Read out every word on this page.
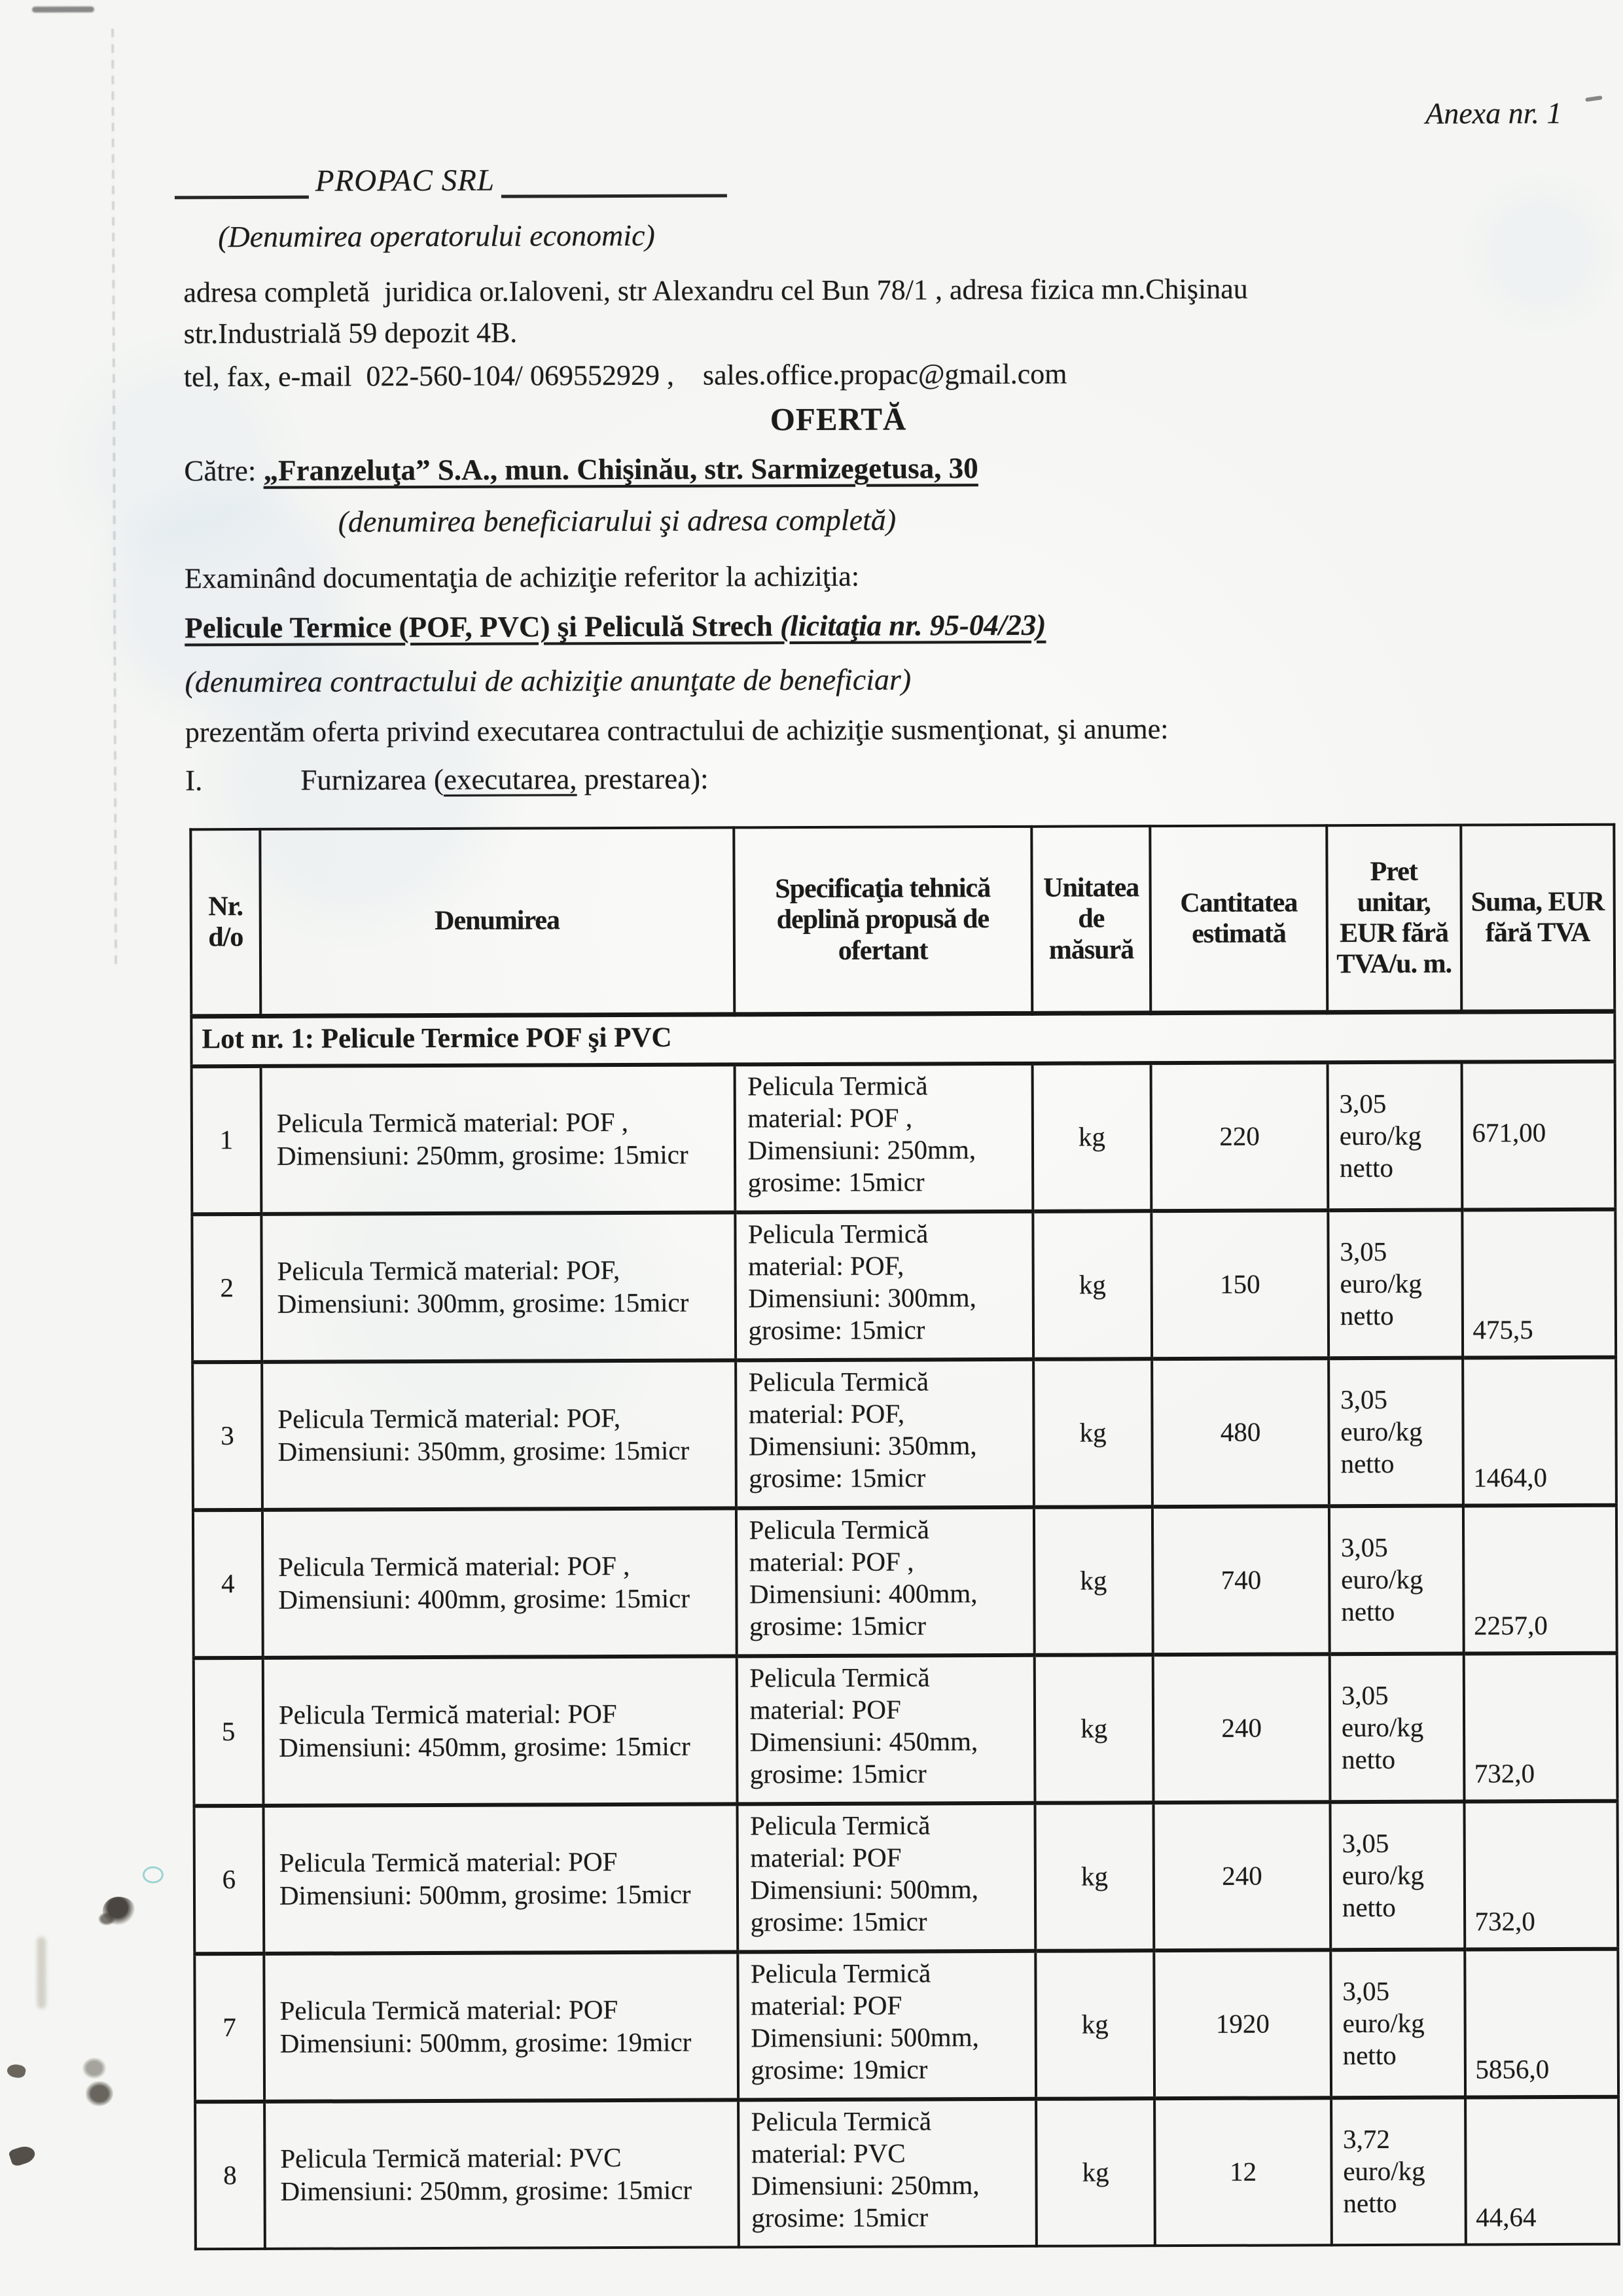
Anexa nr. 1
PROPAC SRL
(Denumirea operatorului economic)
adresa completă  juridica or.Ialoveni, str Alexandru cel Bun 78/1 , adresa fizica mn.Chişinau
str.Industrială 59 depozit 4B.
tel, fax, e-mail  022-560-104/ 069552929 ,    sales.office.propac@gmail.com
OFERTĂ
Către: „Franzeluţa” S.A., mun. Chişinău, str. Sarmizegetusa, 30
(denumirea beneficiarului şi adresa completă)
Examinând documentaţia de achiziţie referitor la achiziţia:
Pelicule Termice (POF, PVC) şi Peliculă Strech (licitaţia nr. 95-04/23)
(denumirea contractului de achiziţie anunţate de beneficiar)
prezentăm oferta privind executarea contractului de achiziţie susmenţionat, şi anume:
I.	Furnizarea (executarea, prestarea):
Nr. d/o	Denumirea	Specificaţia tehnică deplină propusă de ofertant	Unitatea de măsură	Cantitatea estimată	Pret unitar, EUR fără TVA/u. m.	Suma, EUR fără TVA
Lot nr. 1: Pelicule Termice POF şi PVC						
1	Pelicula Termică material: POF , Dimensiuni: 250mm, grosime: 15micr	Pelicula Termică material: POF , Dimensiuni: 250mm, grosime: 15micr	kg	220	3,05 euro/kg netto	671,00
2	Pelicula Termică material: POF, Dimensiuni: 300mm, grosime: 15micr	Pelicula Termică material: POF, Dimensiuni: 300mm, grosime: 15micr	kg	150	3,05 euro/kg netto	475,5
3	Pelicula Termică material: POF, Dimensiuni: 350mm, grosime: 15micr	Pelicula Termică material: POF, Dimensiuni: 350mm, grosime: 15micr	kg	480	3,05 euro/kg netto	1464,0
4	Pelicula Termică material: POF , Dimensiuni: 400mm, grosime: 15micr	Pelicula Termică material: POF , Dimensiuni: 400mm, grosime: 15micr	kg	740	3,05 euro/kg netto	2257,0
5	Pelicula Termică material: POF Dimensiuni: 450mm, grosime: 15micr	Pelicula Termică material: POF Dimensiuni: 450mm, grosime: 15micr	kg	240	3,05 euro/kg netto	732,0
6	Pelicula Termică material: POF Dimensiuni: 500mm, grosime: 15micr	Pelicula Termică material: POF Dimensiuni: 500mm, grosime: 15micr	kg	240	3,05 euro/kg netto	732,0
7	Pelicula Termică material: POF Dimensiuni: 500mm, grosime: 19micr	Pelicula Termică material: POF Dimensiuni: 500mm, grosime: 19micr	kg	1920	3,05 euro/kg netto	5856,0
8	Pelicula Termică material: PVC Dimensiuni: 250mm, grosime: 15micr	Pelicula Termică material: PVC Dimensiuni: 250mm, grosime: 15micr	kg	12	3,72 euro/kg netto	44,64
